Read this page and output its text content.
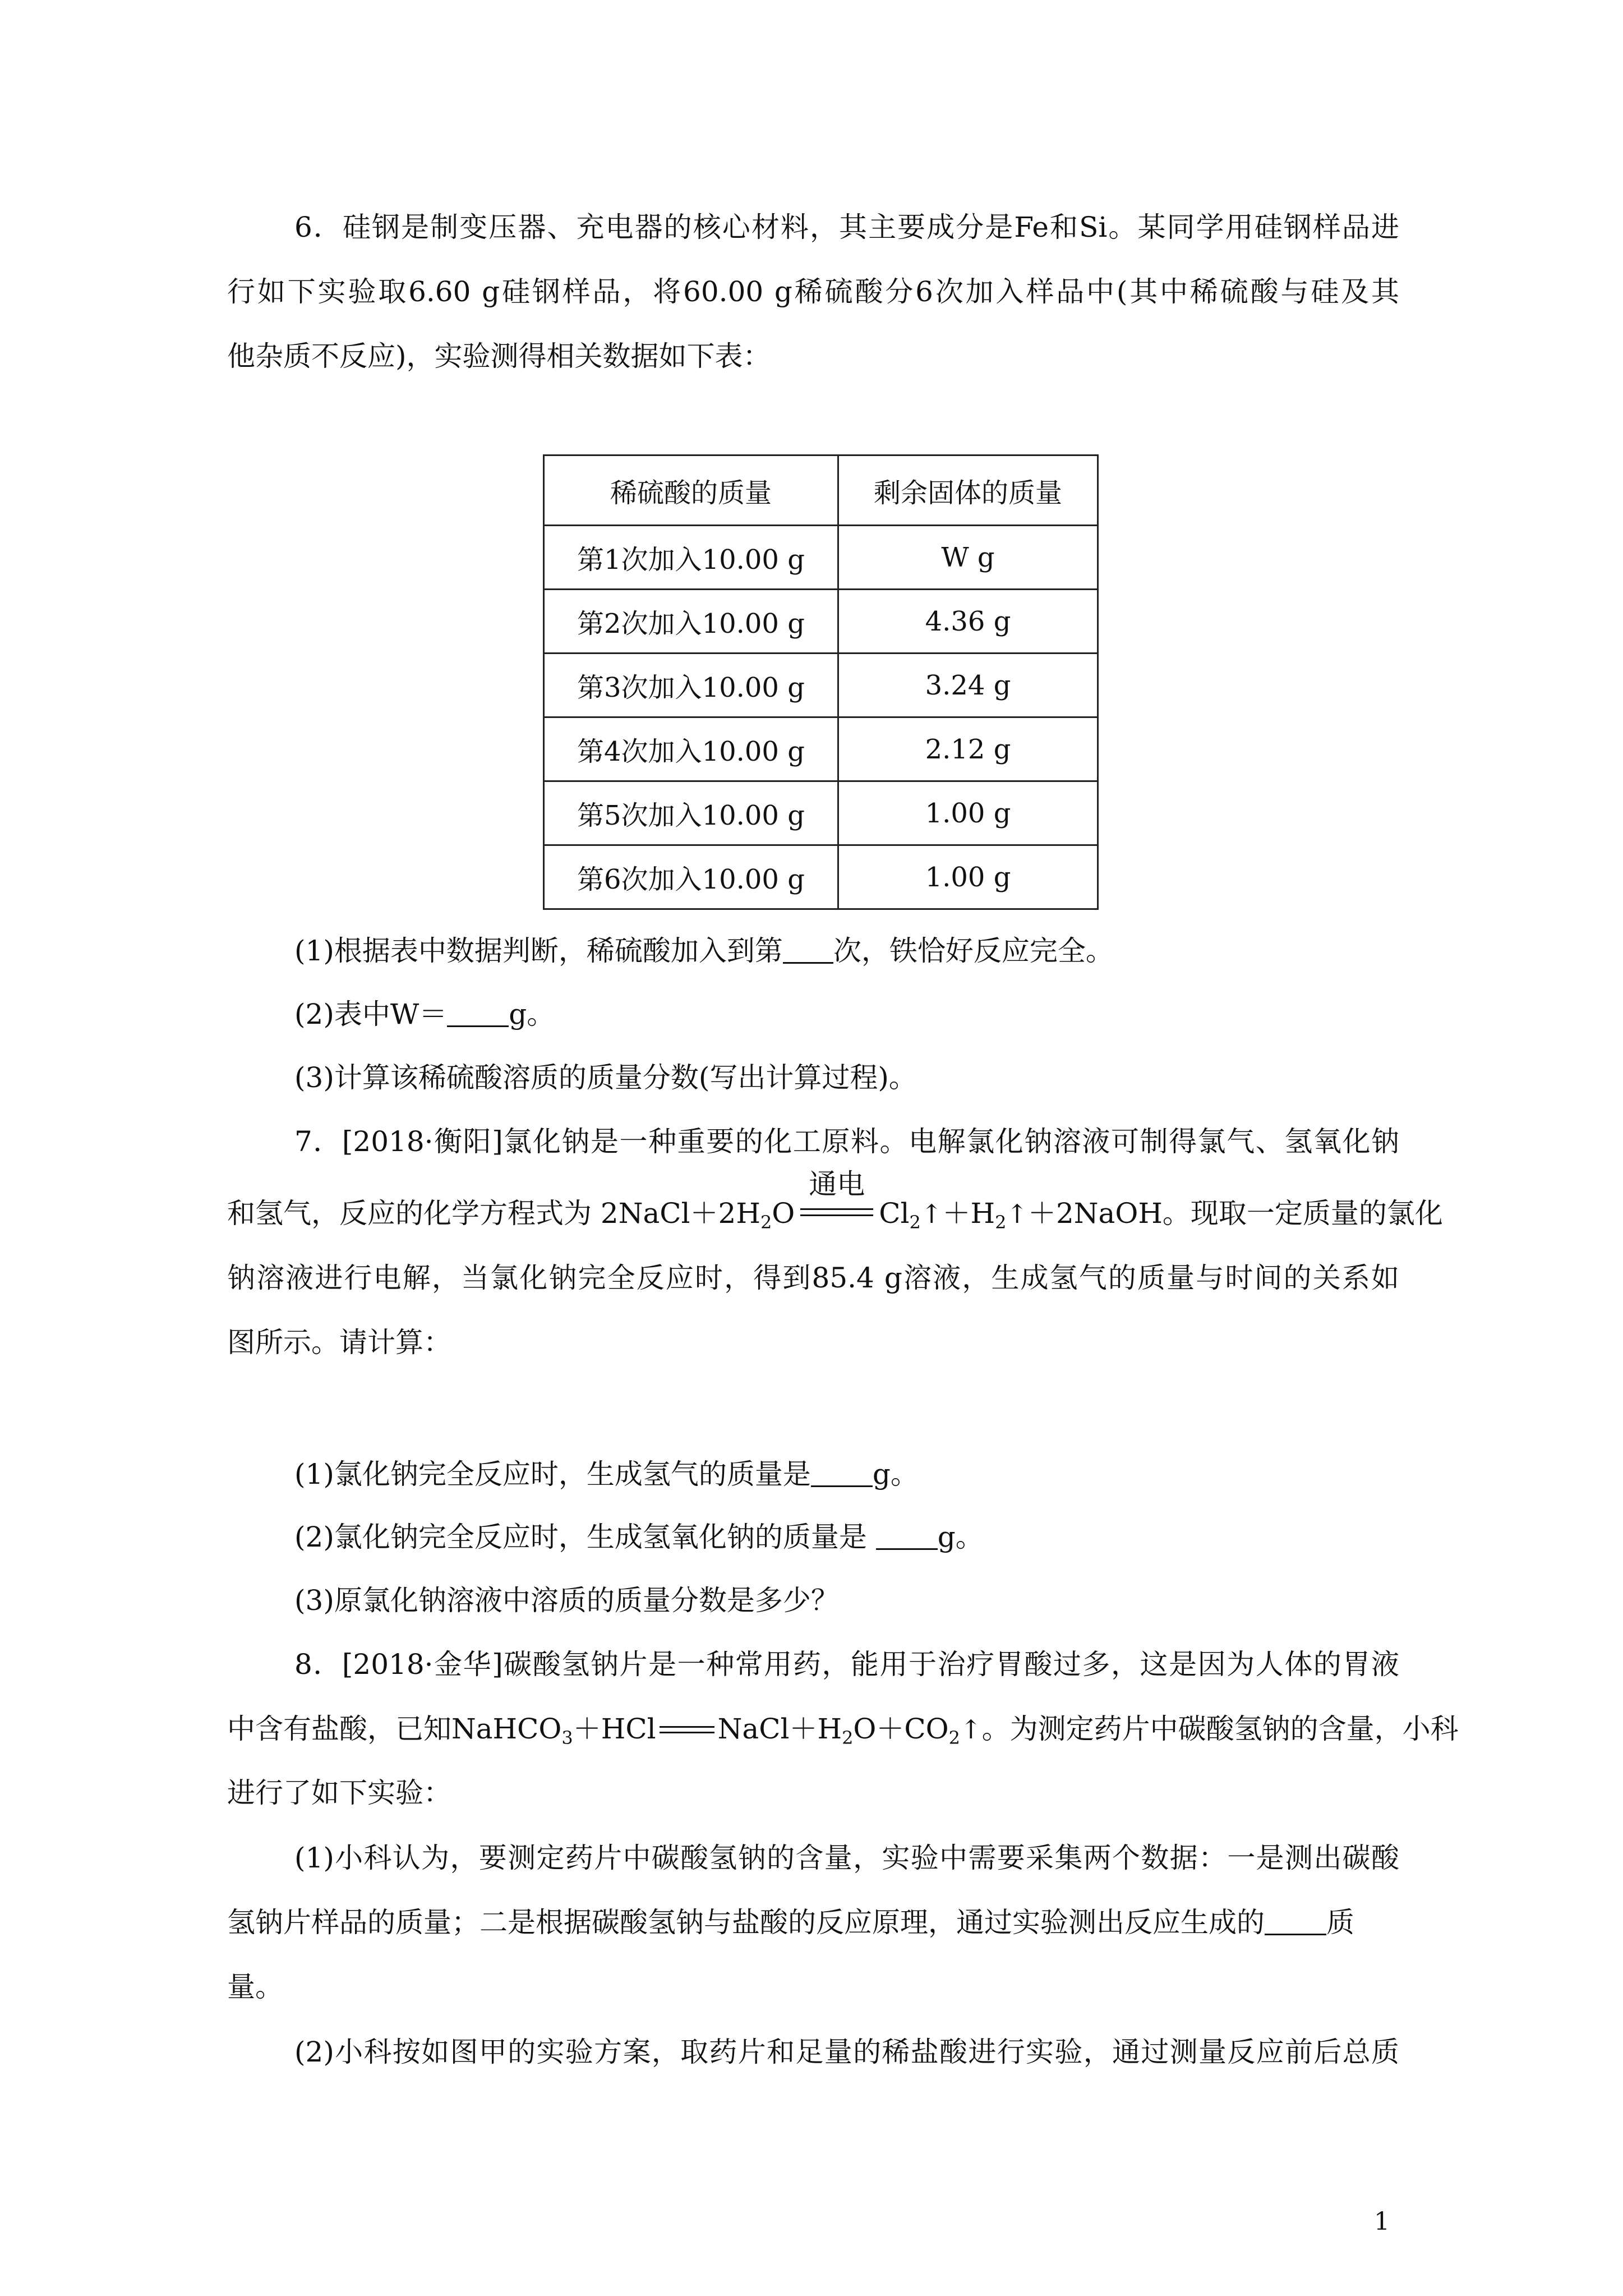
6．硅钢是制变压器、充电器的核心材料，其主要成分是Fe和Si。某同学用硅钢样品进
行如下实验取6.60 g硅钢样品，将60.00 g稀硫酸分6次加入样品中(其中稀硫酸与硅及其
他杂质不反应)，实验测得相关数据如下表：
稀硫酸的质量	剩余固体的质量
第1次加入10.00 g	W g
第2次加入10.00 g	4.36 g
第3次加入10.00 g	3.24 g
第4次加入10.00 g	2.12 g
第5次加入10.00 g	1.00 g
第6次加入10.00 g	1.00 g
(1)根据表中数据判断，稀硫酸加入到第 次，铁恰好反应完全。
(2)表中W＝ g。
(3)计算该稀硫酸溶质的质量分数(写出计算过程)。
7．[2018·衡阳]氯化钠是一种重要的化工原料。电解氯化钠溶液可制得氯气、氢氧化钠
和氢气，反应的化学方程式为 $2NaCl+2H_2O$
通电
$Cl_2↑+H_2↑+2NaOH$。现取一定质量的氯化
钠溶液进行电解，当氯化钠完全反应时，得到85.4 g溶液，生成氢气的质量与时间的关系如
图所示。请计算：
(1)氯化钠完全反应时，生成氢气的质量是 g。
(2)氯化钠完全反应时，生成氢氧化钠的质量是 g。
(3)原氯化钠溶液中溶质的质量分数是多少？
8．[2018·金华]碳酸氢钠片是一种常用药，能用于治疗胃酸过多，这是因为人体的胃液
中含有盐酸，已知NaHCO$_3$＋HCl $NaCl+H_2O+CO_2↑$。为测定药片中碳酸氢钠的含量，小科
进行了如下实验：
(1)小科认为，要测定药片中碳酸氢钠的含量，实验中需要采集两个数据：一是测出碳酸
氢钠片样品的质量；二是根据碳酸氢钠与盐酸的反应原理，通过实验测出反应生成的 质
量。
(2)小科按如图甲的实验方案，取药片和足量的稀盐酸进行实验，通过测量反应前后总质
1
